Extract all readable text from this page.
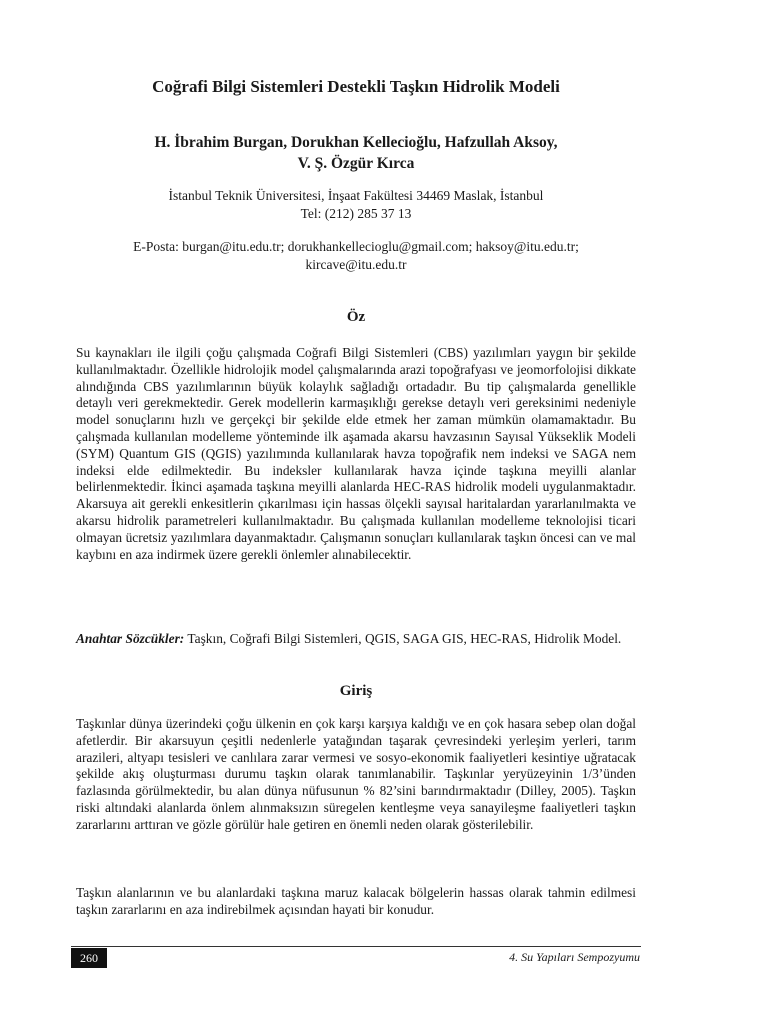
Coğrafi Bilgi Sistemleri Destekli Taşkın Hidrolik Modeli
H. İbrahim Burgan, Dorukhan Kellecioğlu, Hafzullah Aksoy,
V. Ş. Özgür Kırca
İstanbul Teknik Üniversitesi, İnşaat Fakültesi 34469 Maslak, İstanbul
Tel: (212) 285 37 13
E-Posta: burgan@itu.edu.tr; dorukhankellecioglu@gmail.com; haksoy@itu.edu.tr;
kircave@itu.edu.tr
Öz
Su kaynakları ile ilgili çoğu çalışmada Coğrafi Bilgi Sistemleri (CBS) yazılımları yaygın bir şekilde kullanılmaktadır. Özellikle hidrolojik model çalışmalarında arazi topoğrafyası ve jeomorfolojisi dikkate alındığında CBS yazılımlarının büyük kolaylık sağladığı ortadadır. Bu tip çalışmalarda genellikle detaylı veri gerekmektedir. Gerek modellerin karmaşıklığı gerekse detaylı veri gereksinimi nedeniyle model sonuçlarını hızlı ve gerçekçi bir şekilde elde etmek her zaman mümkün olamamaktadır. Bu çalışmada kullanılan modelleme yönteminde ilk aşamada akarsu havzasının Sayısal Yükseklik Modeli (SYM) Quantum GIS (QGIS) yazılımında kullanılarak havza topoğrafik nem indeksi ve SAGA nem indeksi elde edilmektedir. Bu indeksler kullanılarak havza içinde taşkına meyilli alanlar belirlenmektedir. İkinci aşamada taşkına meyilli alanlarda HEC-RAS hidrolik modeli uygulanmaktadır. Akarsuya ait gerekli enkesitlerin çıkarılması için hassas ölçekli sayısal haritalardan yararlanılmakta ve akarsu hidrolik parametreleri kullanılmaktadır. Bu çalışmada kullanılan modelleme teknolojisi ticari olmayan ücretsiz yazılımlara dayanmaktadır. Çalışmanın sonuçları kullanılarak taşkın öncesi can ve mal kaybını en aza indirmek üzere gerekli önlemler alınabilecektir.
Anahtar Sözcükler: Taşkın, Coğrafi Bilgi Sistemleri, QGIS, SAGA GIS, HEC-RAS, Hidrolik Model.
Giriş
Taşkınlar dünya üzerindeki çoğu ülkenin en çok karşı karşıya kaldığı ve en çok hasara sebep olan doğal afetlerdir. Bir akarsuyun çeşitli nedenlerle yatağından taşarak çevresindeki yerleşim yerleri, tarım arazileri, altyapı tesisleri ve canlılara zarar vermesi ve sosyo-ekonomik faaliyetleri kesintiye uğratacak şekilde akış oluşturması durumu taşkın olarak tanımlanabilir. Taşkınlar yeryüzeyinin 1/3’ünden fazlasında görülmektedir, bu alan dünya nüfusunun % 82’sini barındırmaktadır (Dilley, 2005). Taşkın riski altındaki alanlarda önlem alınmaksızın süregelen kentleşme veya sanayileşme faaliyetleri taşkın zararlarını arttıran ve gözle görülür hale getiren en önemli neden olarak gösterilebilir.
Taşkın alanlarının ve bu alanlardaki taşkına maruz kalacak bölgelerin hassas olarak tahmin edilmesi taşkın zararlarını en aza indirebilmek açısından hayati bir konudur.
260	4. Su Yapıları Sempozyumu
